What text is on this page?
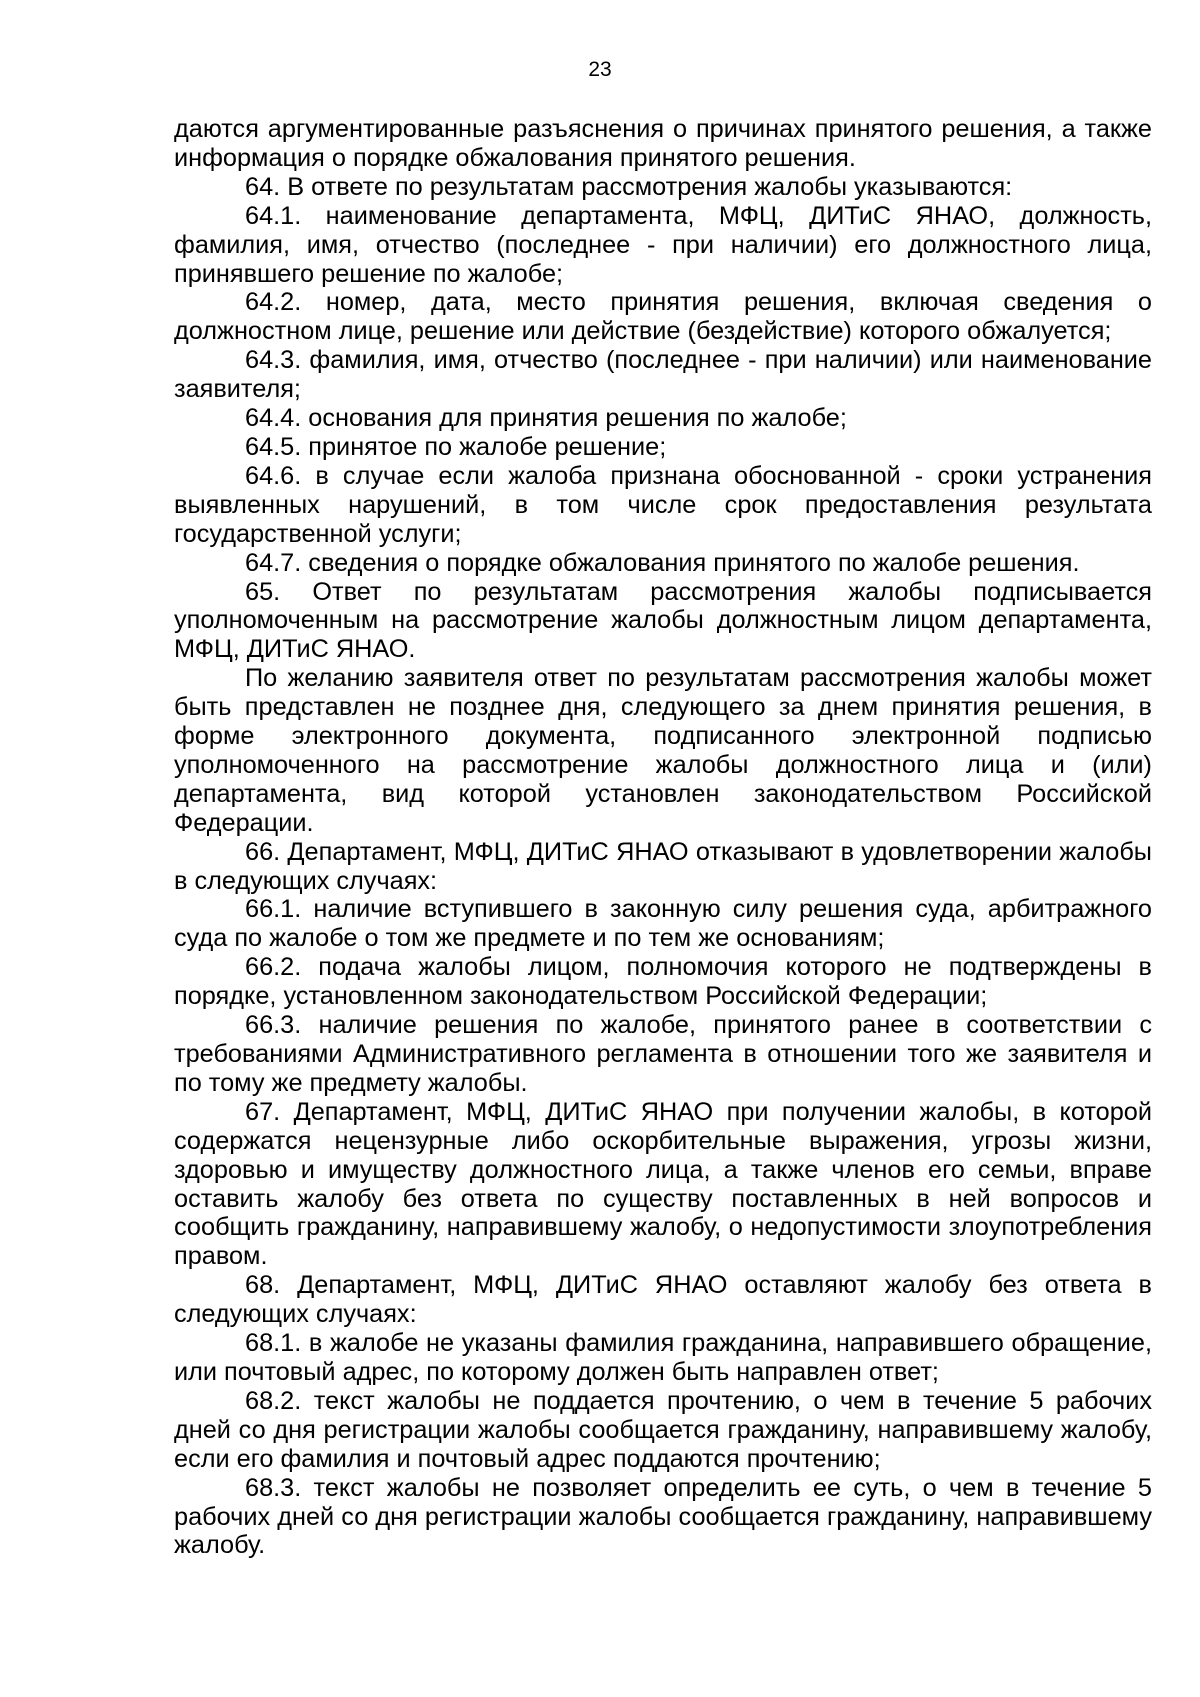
23

даются аргументированные разъяснения о причинах принятого решения, а также информация о порядке обжалования принятого решения.

64. В ответе по результатам рассмотрения жалобы указываются:

64.1. наименование департамента, МФЦ, ДИТиС ЯНАО, должность, фамилия, имя, отчество (последнее - при наличии) его должностного лица, принявшего решение по жалобе;

64.2. номер, дата, место принятия решения, включая сведения о должностном лице, решение или действие (бездействие) которого обжалуется;

64.3. фамилия, имя, отчество (последнее - при наличии) или наименование заявителя;

64.4. основания для принятия решения по жалобе;

64.5. принятое по жалобе решение;

64.6. в случае если жалоба признана обоснованной - сроки устранения выявленных нарушений, в том числе срок предоставления результата государственной услуги;

64.7. сведения о порядке обжалования принятого по жалобе решения.

65. Ответ по результатам рассмотрения жалобы подписывается уполномоченным на рассмотрение жалобы должностным лицом департамента, МФЦ, ДИТиС ЯНАО.

По желанию заявителя ответ по результатам рассмотрения жалобы может быть представлен не позднее дня, следующего за днем принятия решения, в форме электронного документа, подписанного электронной подписью уполномоченного на рассмотрение жалобы должностного лица и (или) департамента, вид которой установлен законодательством Российской Федерации.

66. Департамент, МФЦ, ДИТиС ЯНАО отказывают в удовлетворении жалобы в следующих случаях:

66.1. наличие вступившего в законную силу решения суда, арбитражного суда по жалобе о том же предмете и по тем же основаниям;

66.2. подача жалобы лицом, полномочия которого не подтверждены в порядке, установленном законодательством Российской Федерации;

66.3. наличие решения по жалобе, принятого ранее в соответствии с требованиями Административного регламента в отношении того же заявителя и по тому же предмету жалобы.

67. Департамент, МФЦ, ДИТиС ЯНАО при получении жалобы, в которой содержатся нецензурные либо оскорбительные выражения, угрозы жизни, здоровью и имуществу должностного лица, а также членов его семьи, вправе оставить жалобу без ответа по существу поставленных в ней вопросов и сообщить гражданину, направившему жалобу, о недопустимости злоупотребления правом.

68. Департамент, МФЦ, ДИТиС ЯНАО оставляют жалобу без ответа в следующих случаях:

68.1. в жалобе не указаны фамилия гражданина, направившего обращение, или почтовый адрес, по которому должен быть направлен ответ;

68.2. текст жалобы не поддается прочтению, о чем в течение 5 рабочих дней со дня регистрации жалобы сообщается гражданину, направившему жалобу, если его фамилия и почтовый адрес поддаются прочтению;

68.3. текст жалобы не позволяет определить ее суть, о чем в течение 5 рабочих дней со дня регистрации жалобы сообщается гражданину, направившему жалобу.
